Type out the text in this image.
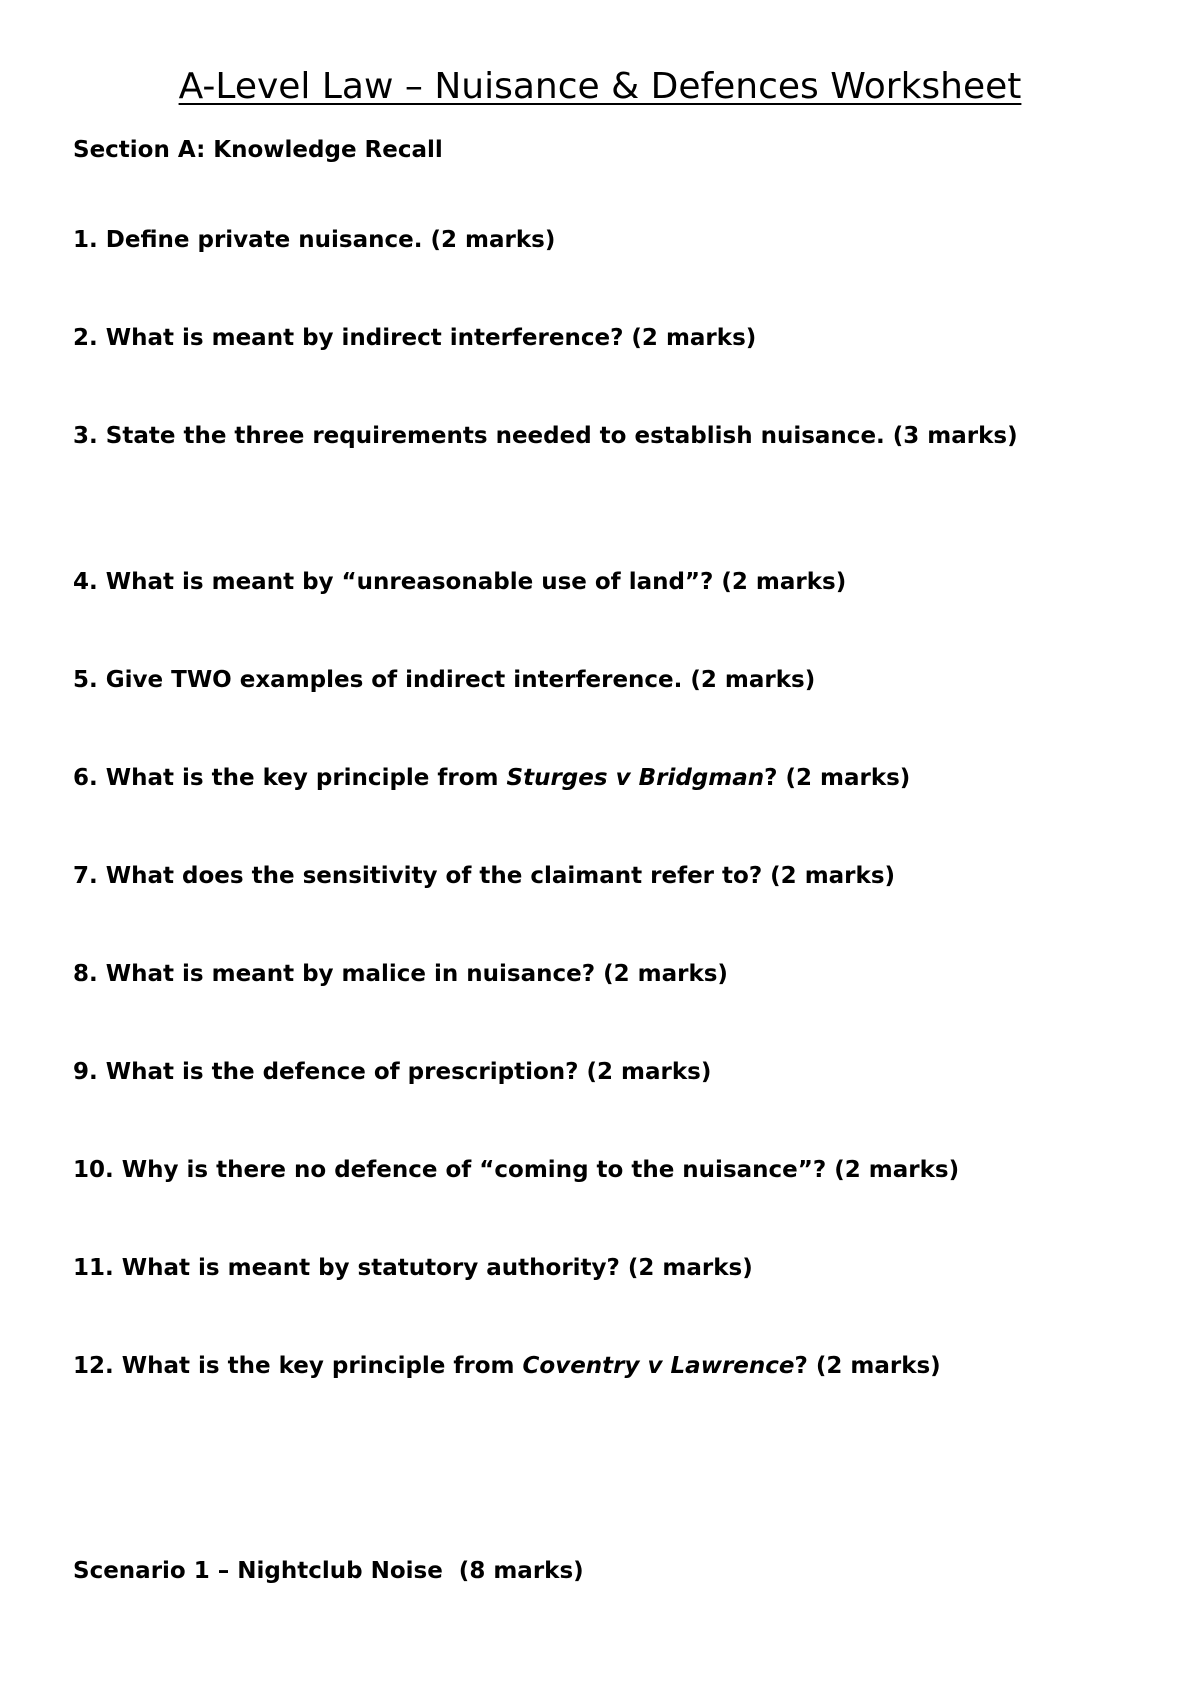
A-Level Law – Nuisance & Defences Worksheet

Section A: Knowledge Recall

1. Define private nuisance. (2 marks)

2. What is meant by indirect interference? (2 marks)

3. State the three requirements needed to establish nuisance. (3 marks)

4. What is meant by “unreasonable use of land”? (2 marks)

5. Give TWO examples of indirect interference. (2 marks)

6. What is the key principle from Sturges v Bridgman? (2 marks)

7. What does the sensitivity of the claimant refer to? (2 marks)

8. What is meant by malice in nuisance? (2 marks)

9. What is the defence of prescription? (2 marks)

10. Why is there no defence of “coming to the nuisance”? (2 marks)

11. What is meant by statutory authority? (2 marks)

12. What is the key principle from Coventry v Lawrence? (2 marks)

Scenario 1 – Nightclub Noise  (8 marks)
